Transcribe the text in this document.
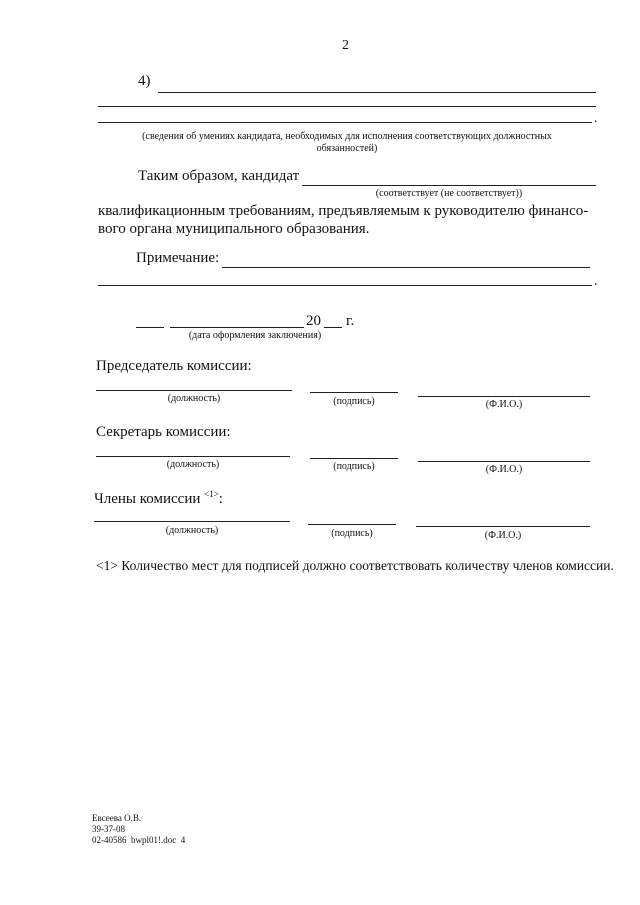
2
4)
.
(сведения об умениях кандидата, необходимых для исполнения соответствующих должностных
обязанностей)
Таким образом, кандидат
(соответствует (не соответствует))
квалификационным требованиям, предъявляемым к руководителю финансо-
вого органа муниципального образования.
Примечание:
.
20 г.
(дата оформления заключения)
Председатель комиссии:
(должность)	(подпись)	(Ф.И.О.)
Секретарь комиссии:
(должность)	(подпись)	(Ф.И.О.)
Члены комиссии $^{<1>}$:
(должность)	(подпись)	(Ф.И.О.)
<1> Количество мест для подписей должно соответствовать количеству членов комиссии.
Евсеева О.В.
39-37-08
02-40586  bwpl01!.doc  4
